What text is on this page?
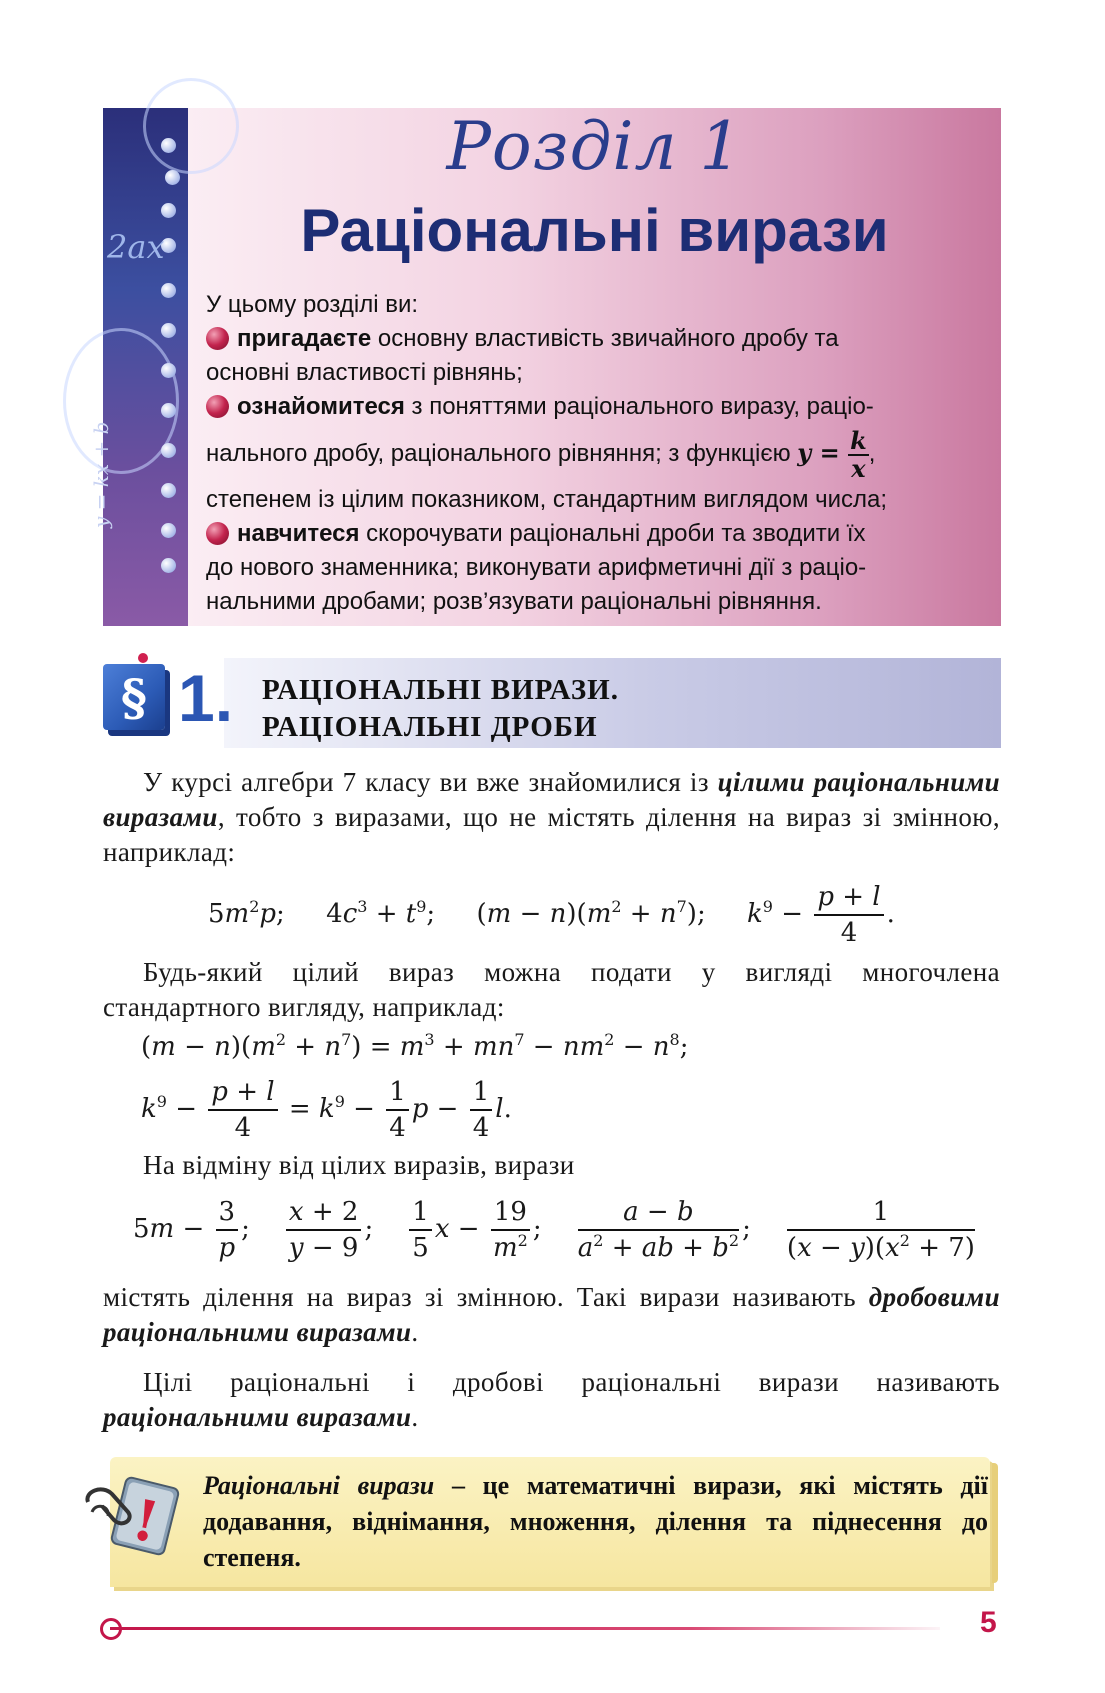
2ax
y = kx + b
Розділ 1
Раціональні вирази
У цьому розділі ви:
пригадаєте основну властивість звичайного дробу та
основні властивості рівнянь;
ознайомитеся з поняттями раціонального виразу, раціо-
нального дробу, раціонального рівняння; з функцією $y = \frac{k}{x}$ ,
степенем із цілим показником, стандартним виглядом числа;
навчитеся скорочувати раціональні дроби та зводити їх
до нового знаменника; виконувати арифметичні дії з раціо-
нальними дробами; розв’язувати раціональні рівняння.
§ 1. РАЦІОНАЛЬНІ ВИРАЗИ.
РАЦІОНАЛЬНІ ДРОБИ
У курсі алгебри 7 класу ви вже знайомилися із цілими раціональними виразами, тобто з виразами, що не містять ділення на вираз зі змінною, наприклад:
$5m^2p$; $4c^3 + t^9$; $(m - n)(m^2 + n^7)$; $k^9 - \frac{p + l}{4}$ .
Будь-який цілий вираз можна подати у вигляді многочлена стандартного вигляду, наприклад:
$(m - n)(m^2 + n^7) = m^3 + mn^7 - nm^2 - n^8$;
$k^9 - \frac{p + l}{4} = k^9 - \frac{1}{4}$ $p - \frac{1}{4} l$.
На відміну від цілих виразів, вирази
$5m - \frac{3}{p}$ ; $\frac{x + 2}{y - 9}$ ; $\frac{1}{5}$ $x - \frac{19}{m^2}$ ; $\frac{a - b}{a^2 + ab + b^2}$ ; $\frac{1}{(x - y)(x^2 + 7)}$
містять ділення на вираз зі змінною. Такі вирази називають дробовими раціональними виразами.
Цілі раціональні і дробові раціональні вирази називають раціональними виразами.
!
Раціональні вирази – це математичні вирази, які містять дії додавання, віднімання, множення, ділення та піднесення до степеня.
5
